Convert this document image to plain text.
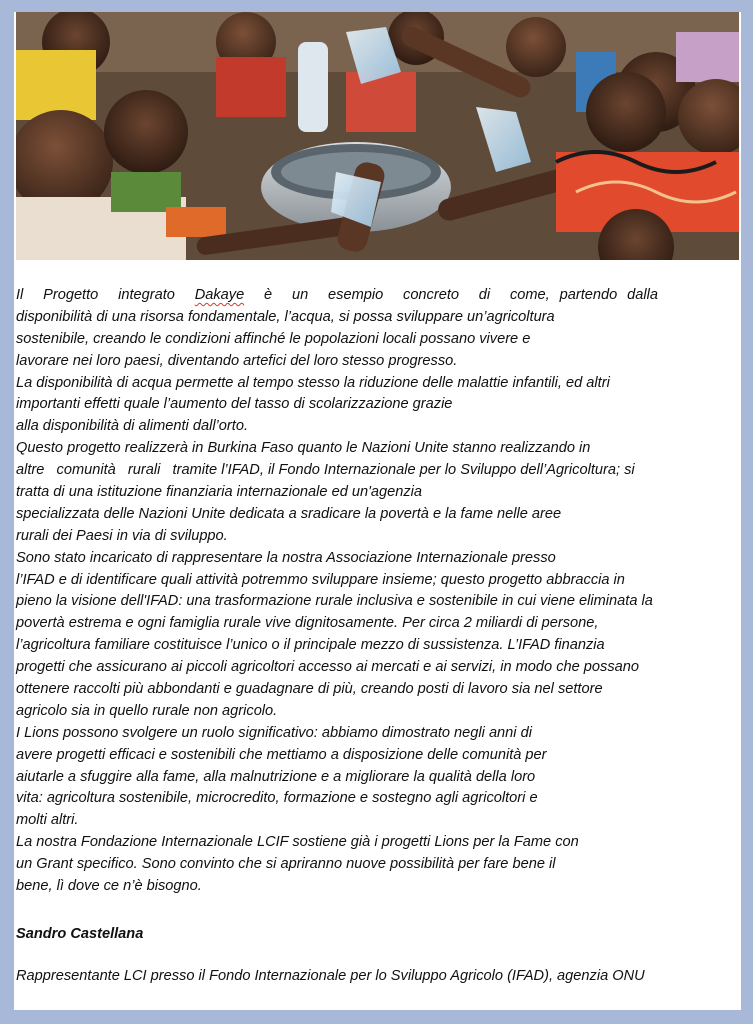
Il  Progetto  integrato  Dakaye  è  un  esempio  concreto  di  come, partendo dalla
disponibilità di una risorsa fondamentale, l’acqua, si possa sviluppare un’agricoltura
sostenibile, creando le condizioni affinché le popolazioni locali possano vivere e
lavorare nei loro paesi, diventando artefici del loro stesso progresso.
La disponibilità di acqua permette al tempo stesso la riduzione delle malattie infantili, ed altri
importanti effetti quale l’aumento del tasso di scolarizzazione grazie
alla disponibilità di alimenti dall’orto.
Questo progetto realizzerà in Burkina Faso quanto le Nazioni Unite stanno realizzando in
altre   comunità   rurali   tramite l’IFAD, il Fondo Internazionale per lo Sviluppo dell’Agricoltura; si
tratta di una istituzione finanziaria internazionale ed un'agenzia
specializzata delle Nazioni Unite dedicata a sradicare la povertà e la fame nelle aree
rurali dei Paesi in via di sviluppo.
Sono stato incaricato di rappresentare la nostra Associazione Internazionale presso
l’IFAD e di identificare quali attività potremmo sviluppare insieme; questo progetto abbraccia in
pieno la visione dell'IFAD: una trasformazione rurale inclusiva e sostenibile in cui viene eliminata la
povertà estrema e ogni famiglia rurale vive dignitosamente. Per circa 2 miliardi di persone,
l’agricoltura familiare costituisce l’unico o il principale mezzo di sussistenza. L’IFAD finanzia
progetti che assicurano ai piccoli agricoltori accesso ai mercati e ai servizi, in modo che possano
ottenere raccolti più abbondanti e guadagnare di più, creando posti di lavoro sia nel settore
agricolo sia in quello rurale non agricolo.
I Lions possono svolgere un ruolo significativo: abbiamo dimostrato negli anni di
avere progetti efficaci e sostenibili che mettiamo a disposizione delle comunità per
aiutarle a sfuggire alla fame, alla malnutrizione e a migliorare la qualità della loro
vita: agricoltura sostenibile, microcredito, formazione e sostegno agli agricoltori e
molti altri.
La nostra Fondazione Internazionale LCIF sostiene già i progetti Lions per la Fame con
un Grant specifico. Sono convinto che si apriranno nuove possibilità per fare bene il
bene, lì dove ce n’è bisogno.
Sandro Castellana
Rappresentante LCI presso il Fondo Internazionale per lo Sviluppo Agricolo (IFAD), agenzia ONU
